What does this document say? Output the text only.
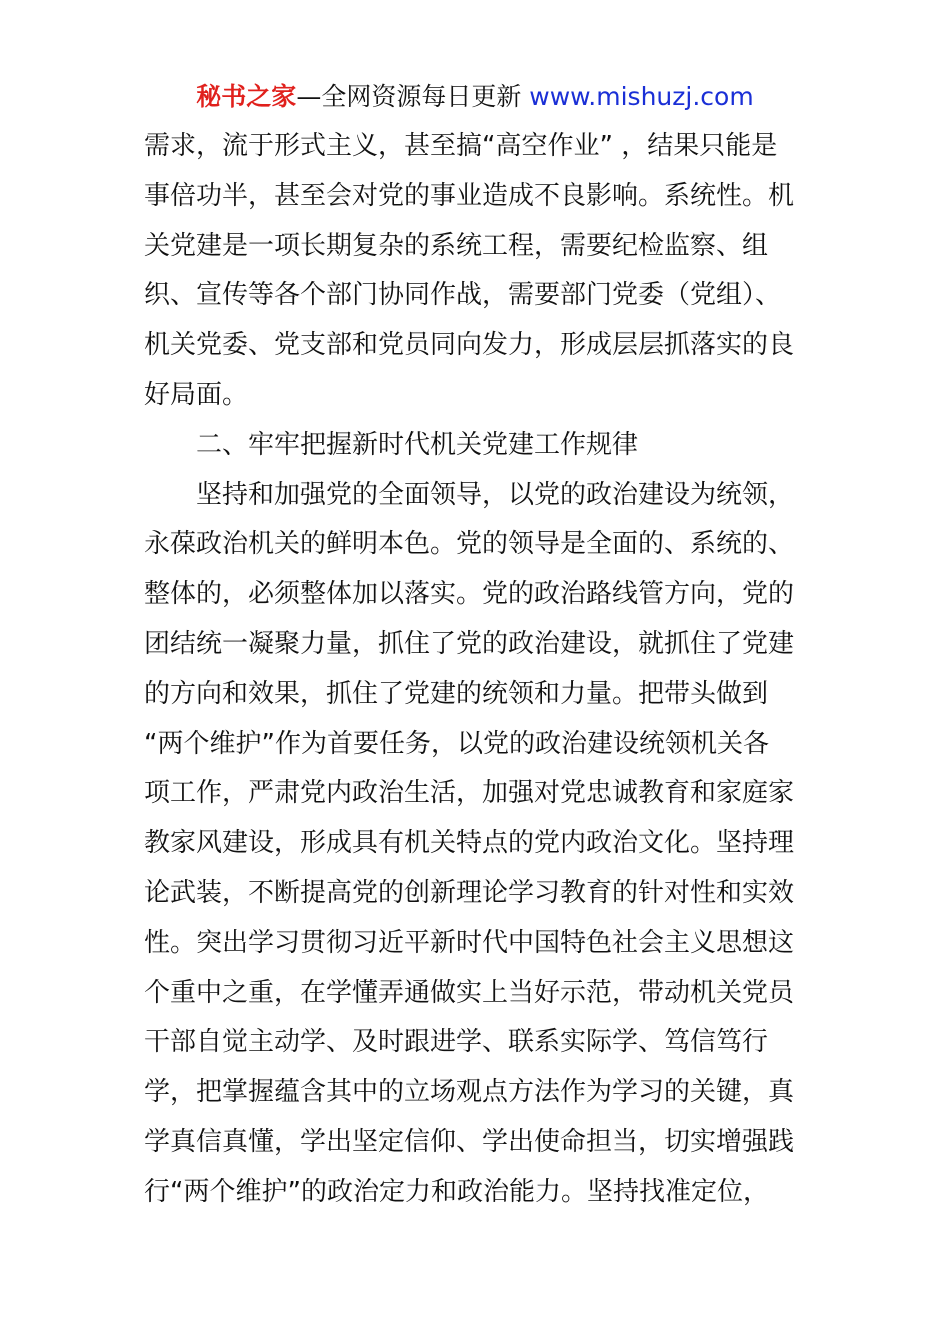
秘书之家—全网资源每日更新 www.mishuzj.com
需求，流于形式主义，甚至搞“高空作业” ，结果只能是
事倍功半，甚至会对党的事业造成不良影响。系统性。机
关党建是一项长期复杂的系统工程，需要纪检监察、组
织、宣传等各个部门协同作战，需要部门党委（党组）、
机关党委、党支部和党员同向发力，形成层层抓落实的良
好局面。
二、牢牢把握新时代机关党建工作规律
坚持和加强党的全面领导，以党的政治建设为统领，
永葆政治机关的鲜明本色。党的领导是全面的、系统的、
整体的，必须整体加以落实。党的政治路线管方向，党的
团结统一凝聚力量，抓住了党的政治建设，就抓住了党建
的方向和效果，抓住了党建的统领和力量。把带头做到
“两个维护”作为首要任务，以党的政治建设统领机关各
项工作，严肃党内政治生活，加强对党忠诚教育和家庭家
教家风建设，形成具有机关特点的党内政治文化。坚持理
论武装，不断提高党的创新理论学习教育的针对性和实效
性。突出学习贯彻习近平新时代中国特色社会主义思想这
个重中之重，在学懂弄通做实上当好示范，带动机关党员
干部自觉主动学、及时跟进学、联系实际学、笃信笃行
学，把掌握蕴含其中的立场观点方法作为学习的关键，真
学真信真懂，学出坚定信仰、学出使命担当，切实增强践
行“两个维护”的政治定力和政治能力。坚持找准定位，
